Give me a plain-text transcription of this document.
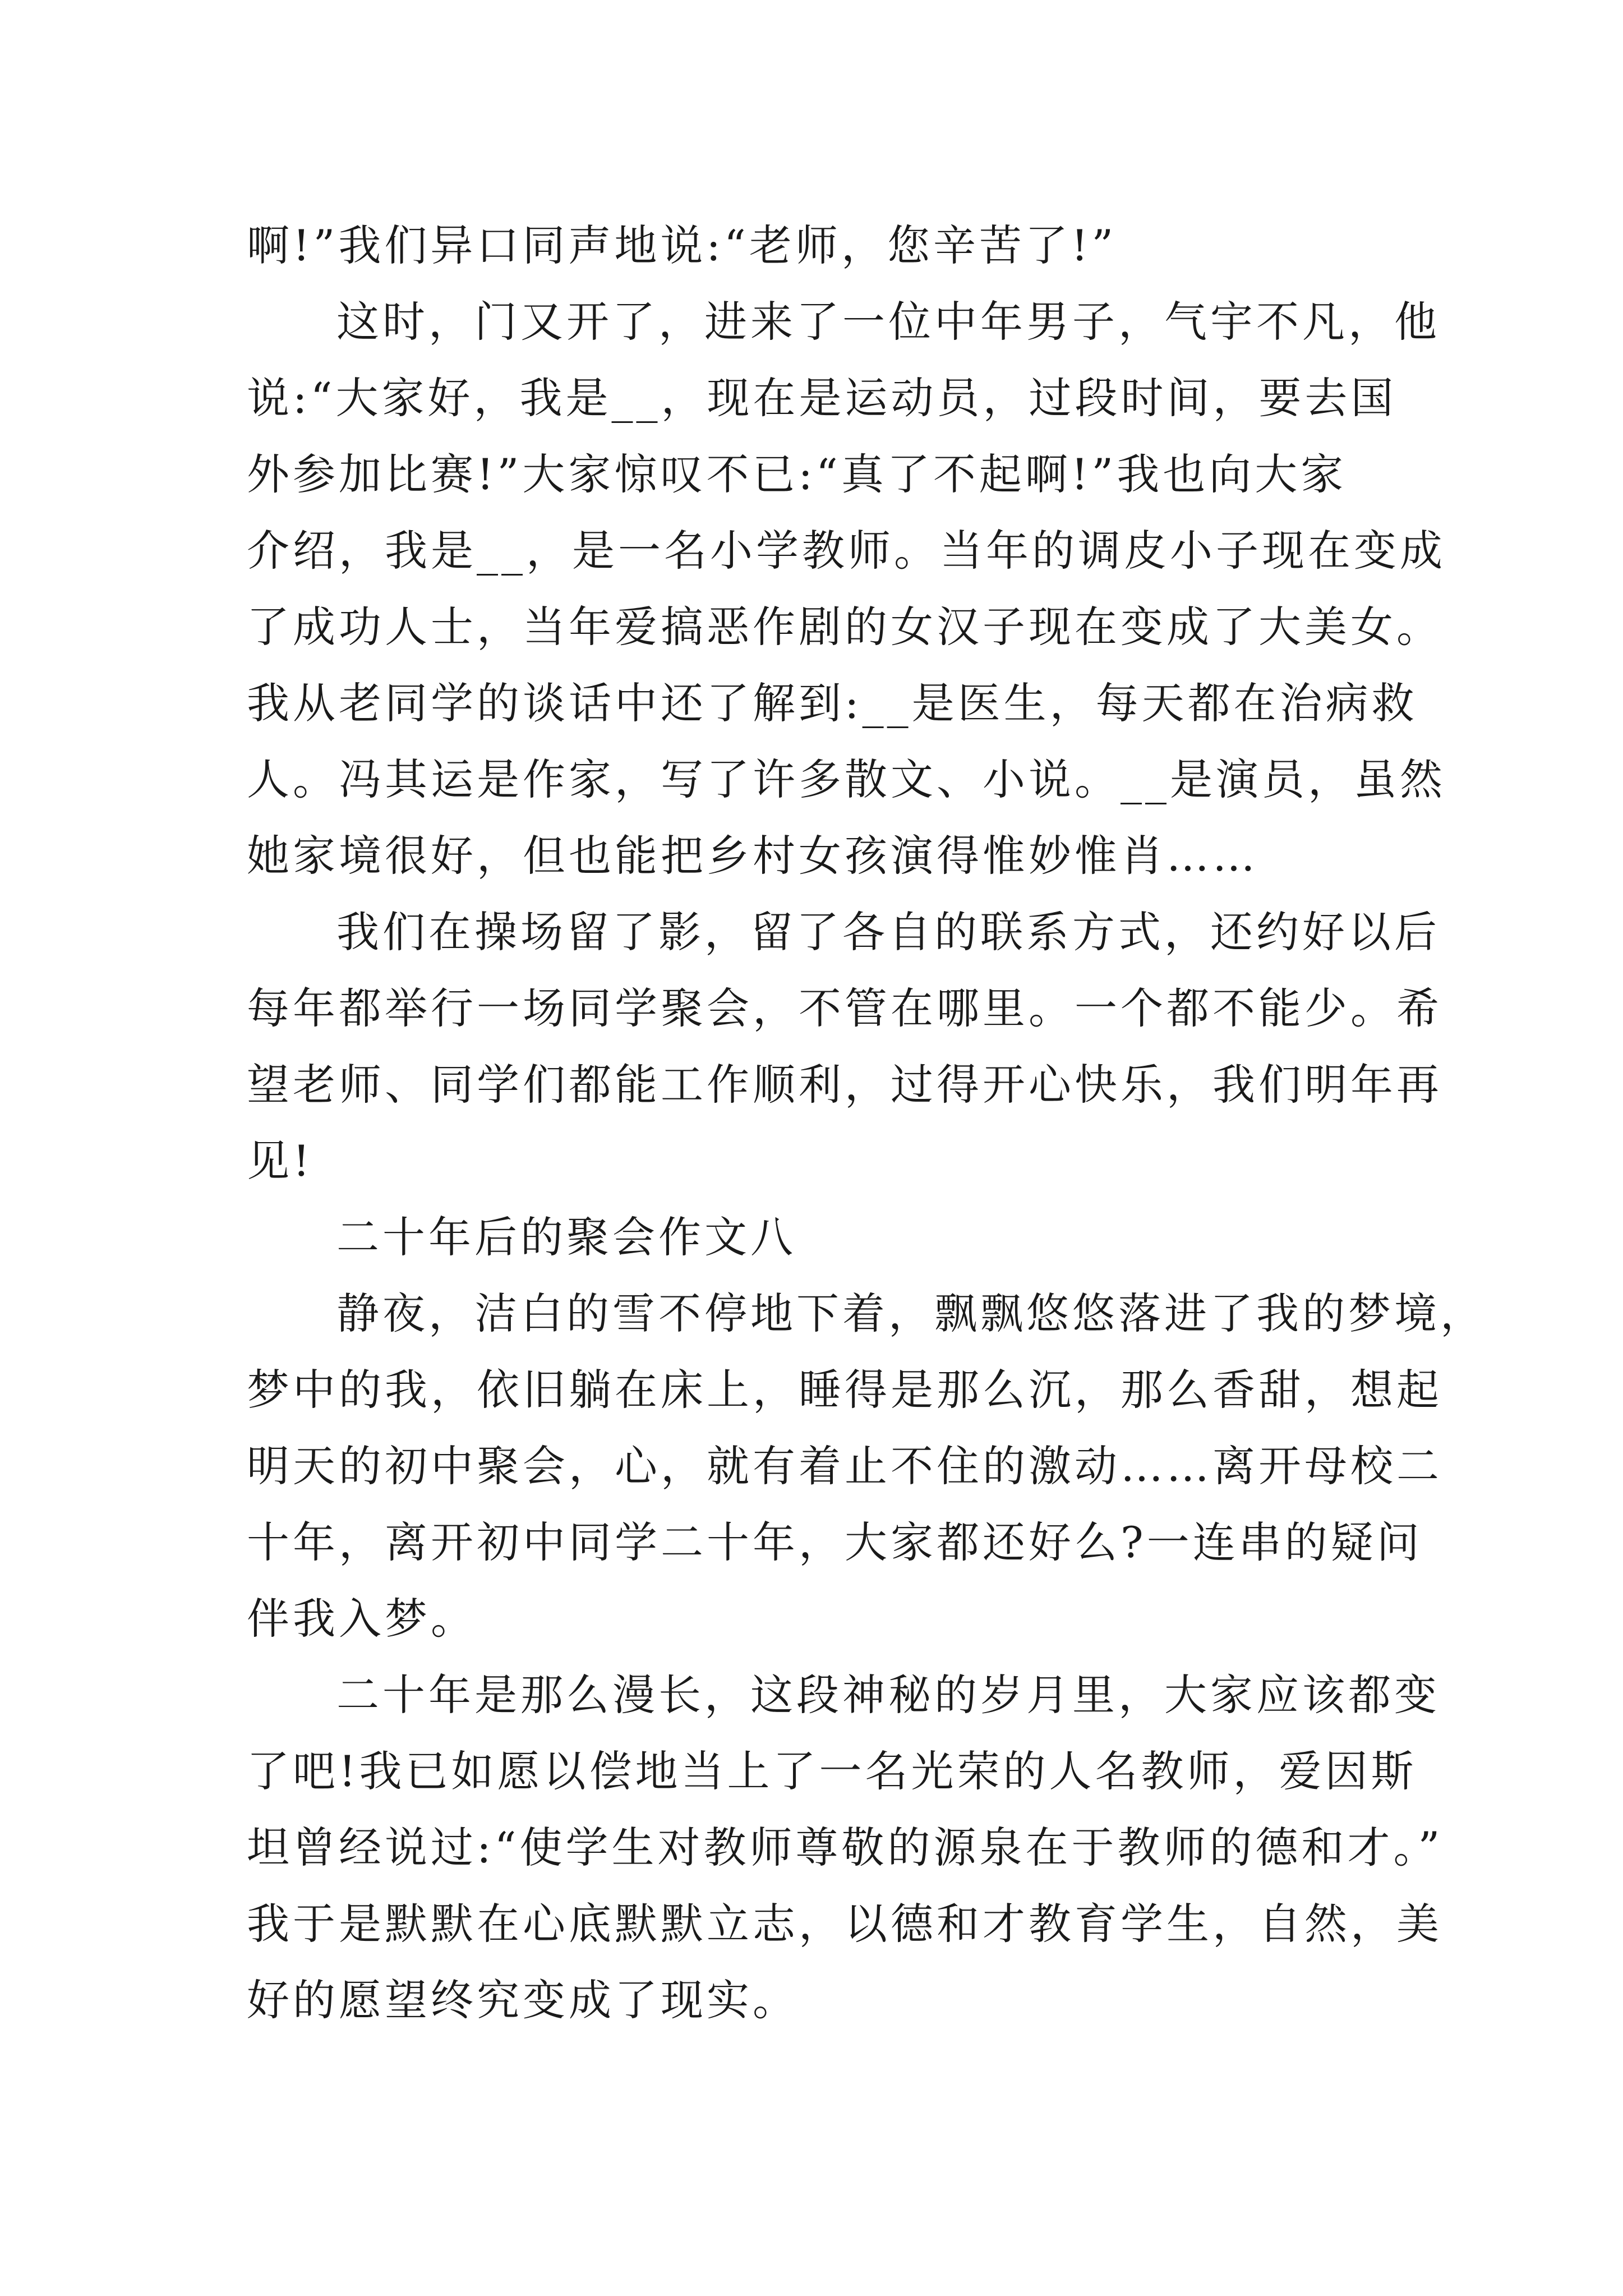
啊!”我们异口同声地说:“老师，您辛苦了!”
这时，门又开了，进来了一位中年男子，气宇不凡，他
说:“大家好，我是__，现在是运动员，过段时间，要去国
外参加比赛!”大家惊叹不已:“真了不起啊!”我也向大家
介绍，我是__，是一名小学教师。当年的调皮小子现在变成
了成功人士，当年爱搞恶作剧的女汉子现在变成了大美女。
我从老同学的谈话中还了解到:__是医生，每天都在治病救
人。冯其运是作家，写了许多散文、小说。__是演员，虽然
她家境很好，但也能把乡村女孩演得惟妙惟肖……
我们在操场留了影，留了各自的联系方式，还约好以后
每年都举行一场同学聚会，不管在哪里。一个都不能少。希
望老师、同学们都能工作顺利，过得开心快乐，我们明年再
见!
二十年后的聚会作文八
静夜，洁白的雪不停地下着，飘飘悠悠落进了我的梦境，
梦中的我，依旧躺在床上，睡得是那么沉，那么香甜，想起
明天的初中聚会，心，就有着止不住的激动……离开母校二
十年，离开初中同学二十年，大家都还好么?一连串的疑问
伴我入梦。
二十年是那么漫长，这段神秘的岁月里，大家应该都变
了吧!我已如愿以偿地当上了一名光荣的人名教师，爱因斯
坦曾经说过:“使学生对教师尊敬的源泉在于教师的德和才。”
我于是默默在心底默默立志，以德和才教育学生，自然，美
好的愿望终究变成了现实。
